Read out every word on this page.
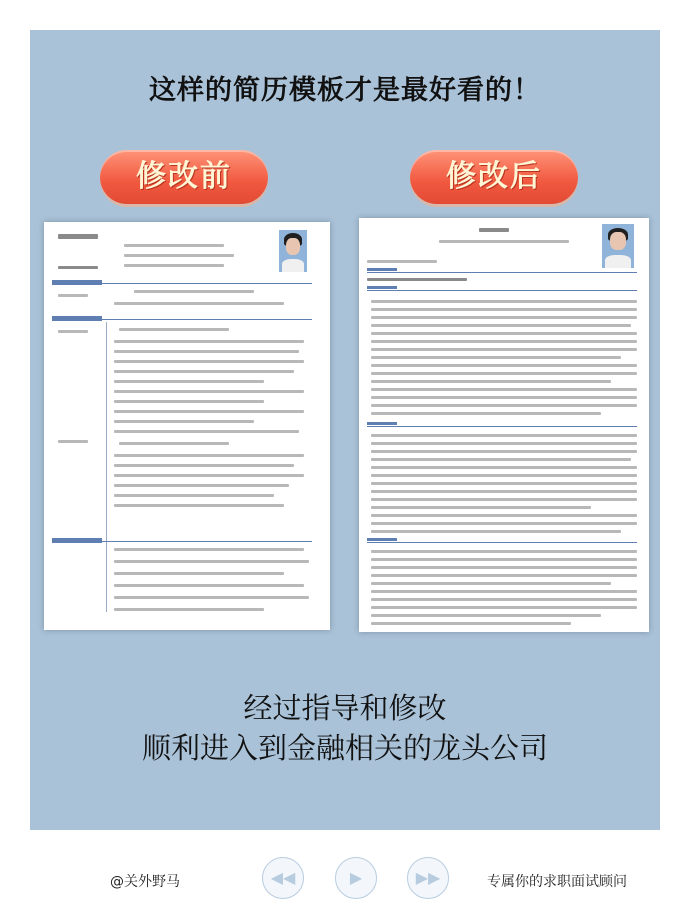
这样的简历模板才是最好看的！
修改前	修改后
经过指导和修改
顺利进入到金融相关的龙头公司
@关外野马	◀◀	▶	▶▶	专属你的求职面试顾问
